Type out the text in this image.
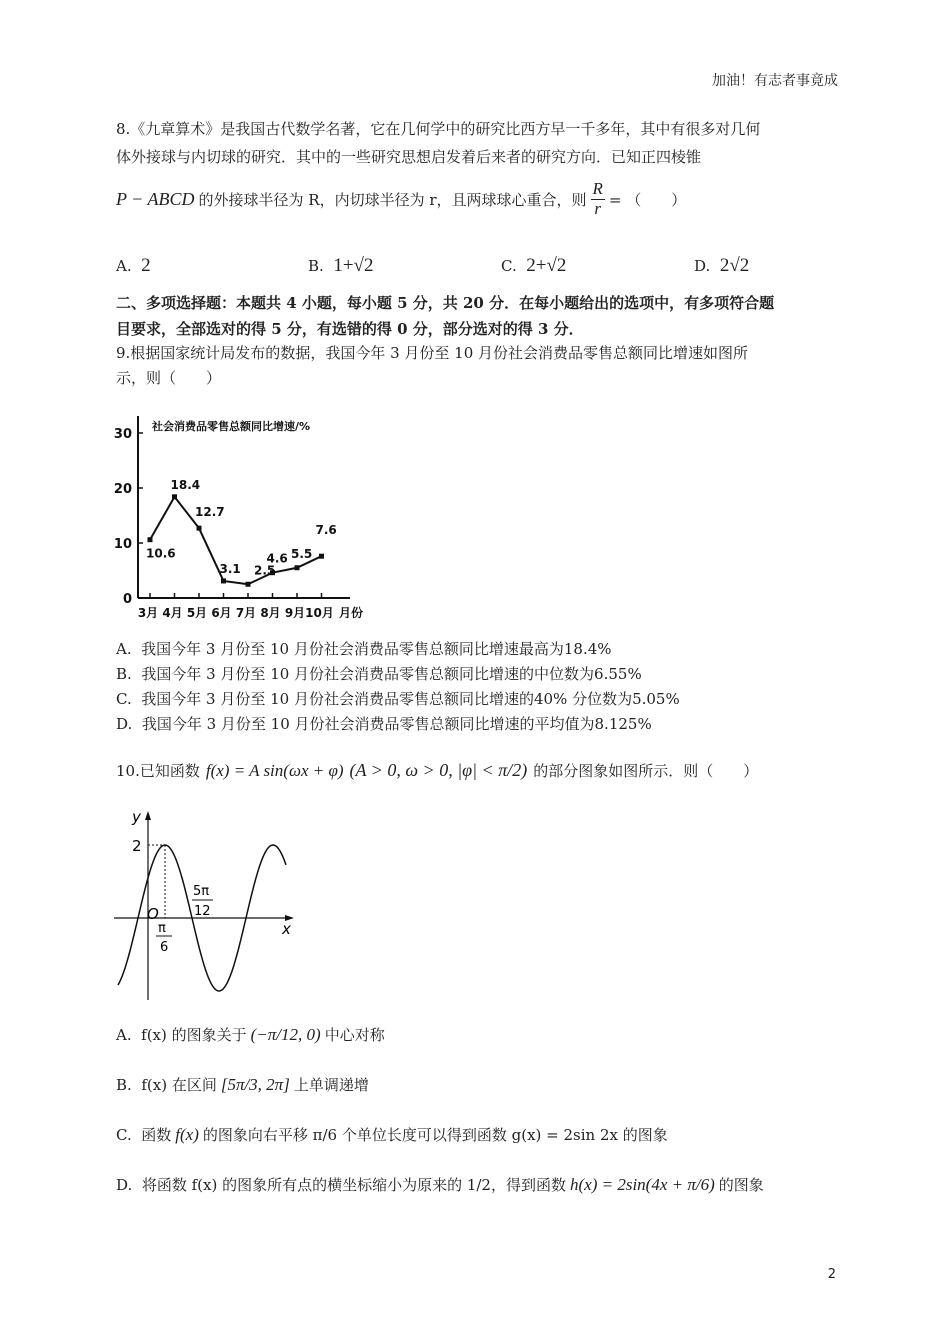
加油！有志者事竟成
8.《九章算术》是我国古代数学名著，它在几何学中的研究比西方早一千多年，其中有很多对几何
体外接球与内切球的研究．其中的一些研究思想启发着后来者的研究方向．已知正四棱锥
P − ABCD 的外接球半径为 R，内切球半径为 r，且两球球心重合，则 $\frac{R}{r}$ = （　　）
A. 2	B. 1+√2	C. 2+√2	D. 2√2
二、多项选择题：本题共 4 小题，每小题 5 分，共 20 分．在每小题给出的选项中，有多项符合题
目要求，全部选对的得 5 分，有选错的得 0 分，部分选对的得 3 分．
9.根据国家统计局发布的数据，我国今年 3 月份至 10 月份社会消费品零售总额同比增速如图所
示，则（　　）
社会消费品零售总额同比增速/%
0
10
20
30
3月 4月 5月 6月 7月 8月 9月 10月 月份
10.6
18.4
12.7
3.1 2.5
4.6 5.5
7.6
A. 我国今年 3 月份至 10 月份社会消费品零售总额同比增速最高为18.4%
B. 我国今年 3 月份至 10 月份社会消费品零售总额同比增速的中位数为6.55%
C. 我国今年 3 月份至 10 月份社会消费品零售总额同比增速的40% 分位数为5.05%
D. 我国今年 3 月份至 10 月份社会消费品零售总额同比增速的平均值为8.125%
10.已知函数 f(x) = A sin(ωx + φ) (A > 0, ω > 0, |φ| < π/2) 的部分图象如图所示．则（　　）
y
x
O
2
π
6
5π
12
A. f(x) 的图象关于 (−π/12, 0) 中心对称
B. f(x) 在区间 [5π/3, 2π] 上单调递增
C. 函数 f(x) 的图象向右平移 π/6 个单位长度可以得到函数 g(x) = 2sin 2x 的图象
D. 将函数 f(x) 的图象所有点的横坐标缩小为原来的 1/2，得到函数 h(x) = 2sin(4x + π/6) 的图象
2
